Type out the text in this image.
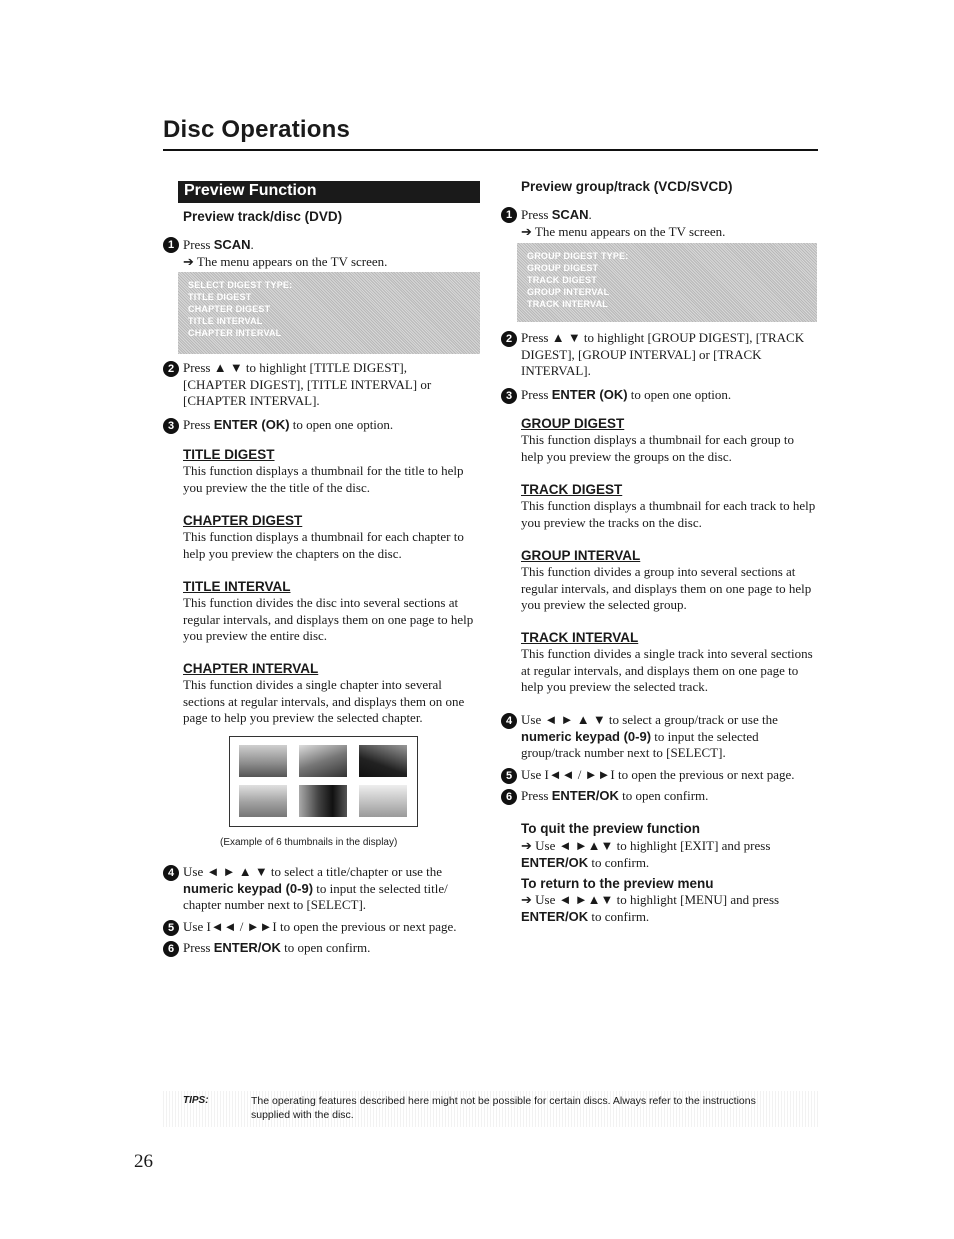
Disc Operations
Preview Function
Preview track/disc (DVD)
1 Press SCAN.
➔ The menu appears on the TV screen.
SELECT DIGEST TYPE:
TITLE DIGEST
CHAPTER DIGEST
TITLE INTERVAL
CHAPTER INTERVAL
2 Press ▲ ▼ to highlight [TITLE DIGEST], [CHAPTER DIGEST], [TITLE INTERVAL] or [CHAPTER INTERVAL].
3 Press ENTER (OK) to open one option.
TITLE DIGEST
This function displays a thumbnail for the title to help you preview the the title of the disc.
CHAPTER DIGEST
This function displays a thumbnail for each chapter to help you preview the chapters on the disc.
TITLE INTERVAL
This function divides the disc into several sections at regular intervals, and displays them on one page to help you preview the entire disc.
CHAPTER INTERVAL
This function divides a single chapter into several sections at regular intervals, and displays them on one page to help you preview the selected chapter.
(Example of 6 thumbnails in the display)
4 Use ◄ ► ▲ ▼ to select a title/chapter or use the numeric keypad (0-9) to input the selected title/ chapter number next to [SELECT].
5 Use I◄◄ / ►►I to open the previous or next page.
6 Press ENTER/OK to open confirm.
Preview group/track (VCD/SVCD)
1 Press SCAN.
➔ The menu appears on the TV screen.
GROUP DIGEST TYPE:
GROUP DIGEST
TRACK DIGEST
GROUP INTERVAL
TRACK INTERVAL
2 Press ▲ ▼ to highlight [GROUP DIGEST], [TRACK DIGEST], [GROUP INTERVAL] or [TRACK INTERVAL].
3 Press ENTER (OK) to open one option.
GROUP DIGEST
This function displays a thumbnail for each group to help you preview the groups on the disc.
TRACK DIGEST
This function displays a thumbnail for each track to help you preview the tracks on the disc.
GROUP INTERVAL
This function divides a group into several sections at regular intervals, and displays them on one page to help you preview the selected group.
TRACK INTERVAL
This function divides a single track into several sections at regular intervals, and displays them on one page to help you preview the selected track.
4 Use ◄ ► ▲ ▼ to select a group/track or use the numeric keypad (0-9) to input the selected group/track number next to [SELECT].
5 Use I◄◄ / ►►I to open the previous or next page.
6 Press ENTER/OK to open confirm.
To quit the preview function
➔ Use ◄ ►▲▼ to highlight [EXIT] and press ENTER/OK to confirm.
To return to the preview menu
➔ Use ◄ ►▲▼ to highlight [MENU] and press ENTER/OK to confirm.
TIPS:	The operating features described here might not be possible for certain discs. Always refer to the instructions supplied with the disc.
26
